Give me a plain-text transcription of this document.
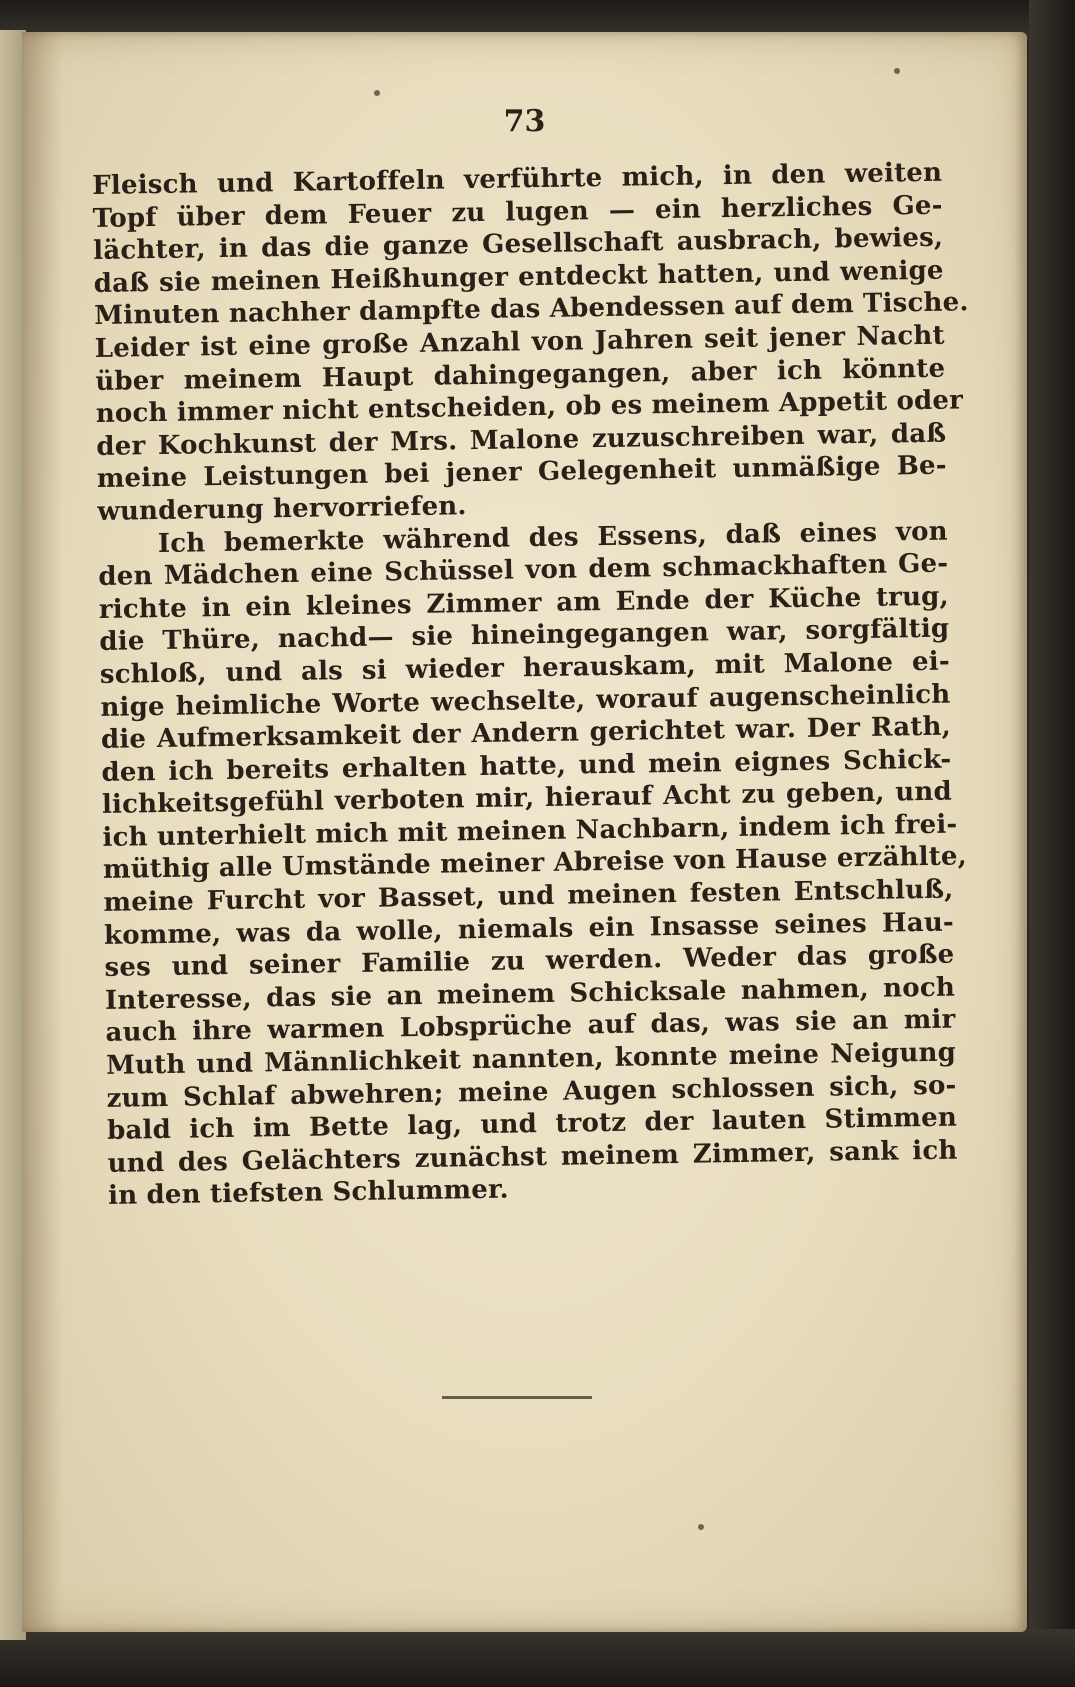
73
Fleisch und Kartoffeln verführte mich, in den weiten
Topf über dem Feuer zu lugen — ein herzliches Ge-
lächter, in das die ganze Gesellschaft ausbrach, bewies,
daß sie meinen Heißhunger entdeckt hatten, und wenige
Minuten nachher dampfte das Abendessen auf dem Tische.
Leider ist eine große Anzahl von Jahren seit jener Nacht
über meinem Haupt dahingegangen, aber ich könnte
noch immer nicht entscheiden, ob es meinem Appetit oder
der Kochkunst der Mrs. Malone zuzuschreiben war, daß
meine Leistungen bei jener Gelegenheit unmäßige Be-
wunderung hervorriefen.
Ich bemerkte während des Essens, daß eines von
den Mädchen eine Schüssel von dem schmackhaften Ge-
richte in ein kleines Zimmer am Ende der Küche trug,
die Thüre, nachd— sie hineingegangen war, sorgfältig
schloß, und als si wieder herauskam, mit Malone ei-
nige heimliche Worte wechselte, worauf augenscheinlich
die Aufmerksamkeit der Andern gerichtet war. Der Rath,
den ich bereits erhalten hatte, und mein eignes Schick-
lichkeitsgefühl verboten mir, hierauf Acht zu geben, und
ich unterhielt mich mit meinen Nachbarn, indem ich frei-
müthig alle Umstände meiner Abreise von Hause erzählte,
meine Furcht vor Basset, und meinen festen Entschluß,
komme, was da wolle, niemals ein Insasse seines Hau-
ses und seiner Familie zu werden. Weder das große
Interesse, das sie an meinem Schicksale nahmen, noch
auch ihre warmen Lobsprüche auf das, was sie an mir
Muth und Männlichkeit nannten, konnte meine Neigung
zum Schlaf abwehren; meine Augen schlossen sich, so-
bald ich im Bette lag, und trotz der lauten Stimmen
und des Gelächters zunächst meinem Zimmer, sank ich
in den tiefsten Schlummer.
